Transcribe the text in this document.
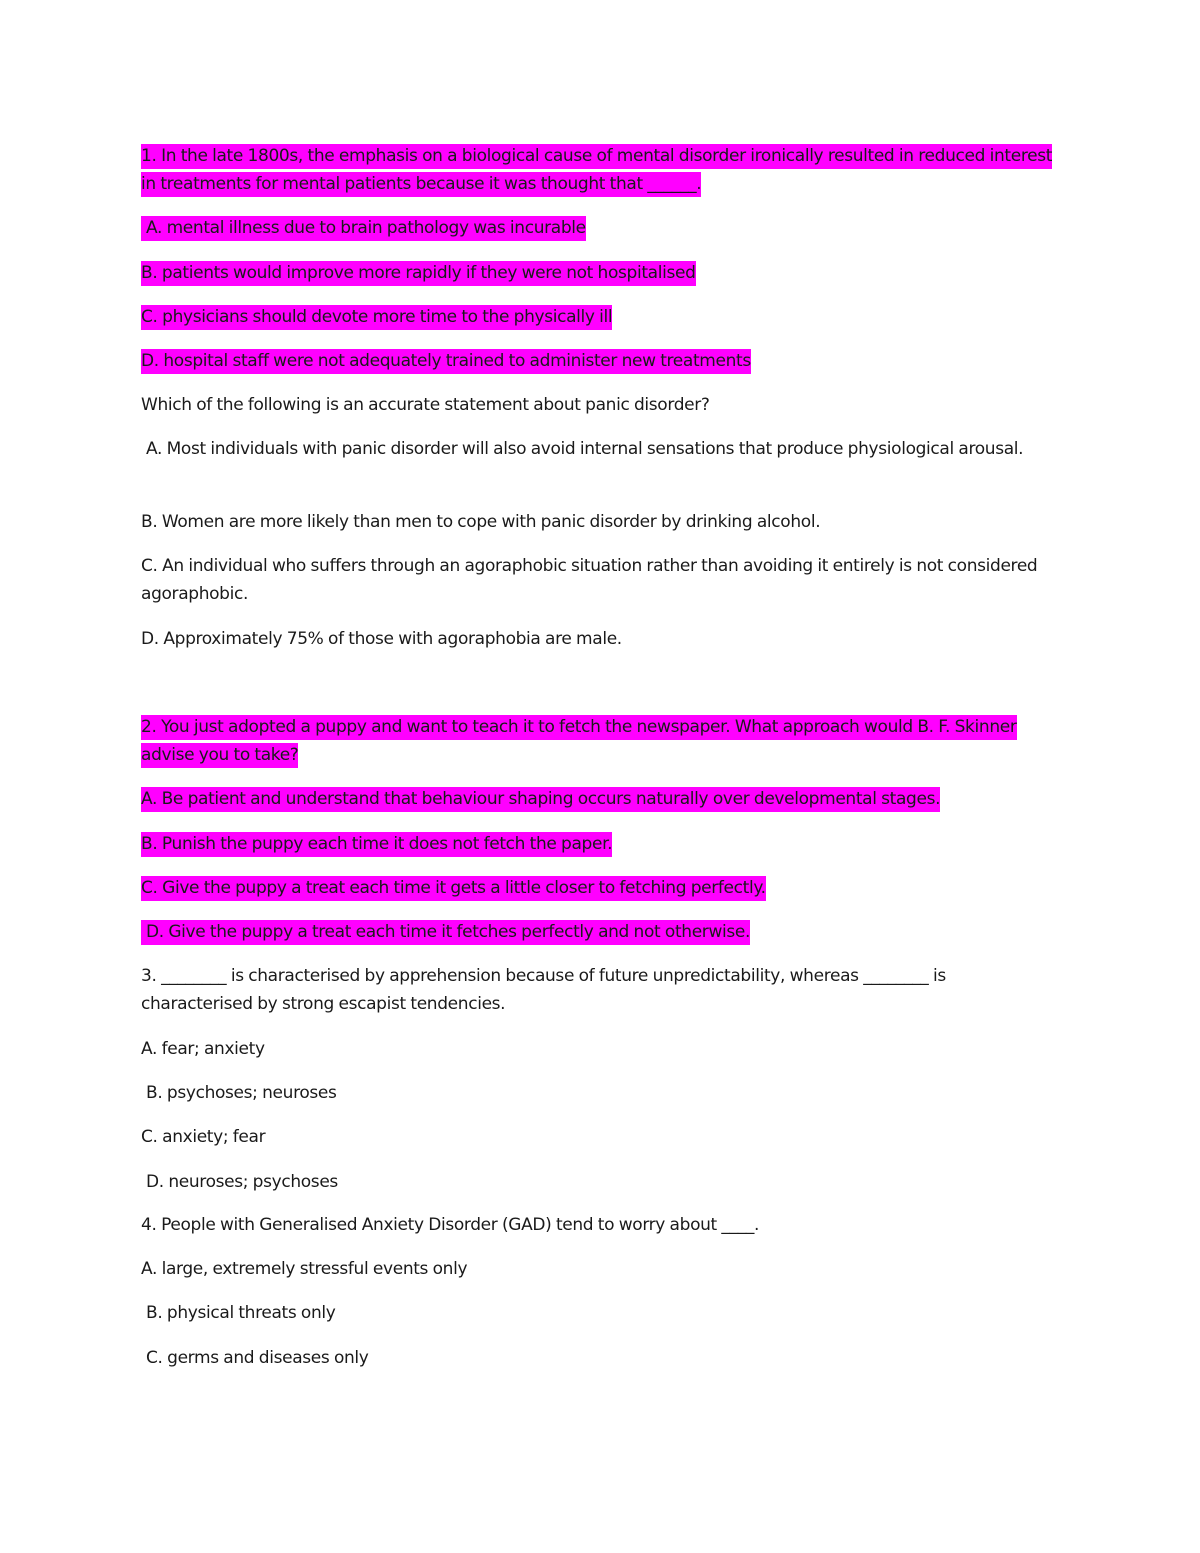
1. In the late 1800s, the emphasis on a biological cause of mental disorder ironically resulted in reduced interest in treatments for mental patients because it was thought that ______.

A. mental illness due to brain pathology was incurable

B. patients would improve more rapidly if they were not hospitalised

C. physicians should devote more time to the physically ill

D. hospital staff were not adequately trained to administer new treatments

Which of the following is an accurate statement about panic disorder?

A. Most individuals with panic disorder will also avoid internal sensations that produce physiological arousal.

B. Women are more likely than men to cope with panic disorder by drinking alcohol.

C. An individual who suffers through an agoraphobic situation rather than avoiding it entirely is not considered agoraphobic.

D. Approximately 75% of those with agoraphobia are male.

2. You just adopted a puppy and want to teach it to fetch the newspaper. What approach would B. F. Skinner advise you to take?

A. Be patient and understand that behaviour shaping occurs naturally over developmental stages.

B. Punish the puppy each time it does not fetch the paper.

C. Give the puppy a treat each time it gets a little closer to fetching perfectly.

D. Give the puppy a treat each time it fetches perfectly and not otherwise.

3. ________ is characterised by apprehension because of future unpredictability, whereas ________ is characterised by strong escapist tendencies.

A. fear; anxiety

B. psychoses; neuroses

C. anxiety; fear

D. neuroses; psychoses

4. People with Generalised Anxiety Disorder (GAD) tend to worry about ____.

A. large, extremely stressful events only

B. physical threats only

C. germs and diseases only
